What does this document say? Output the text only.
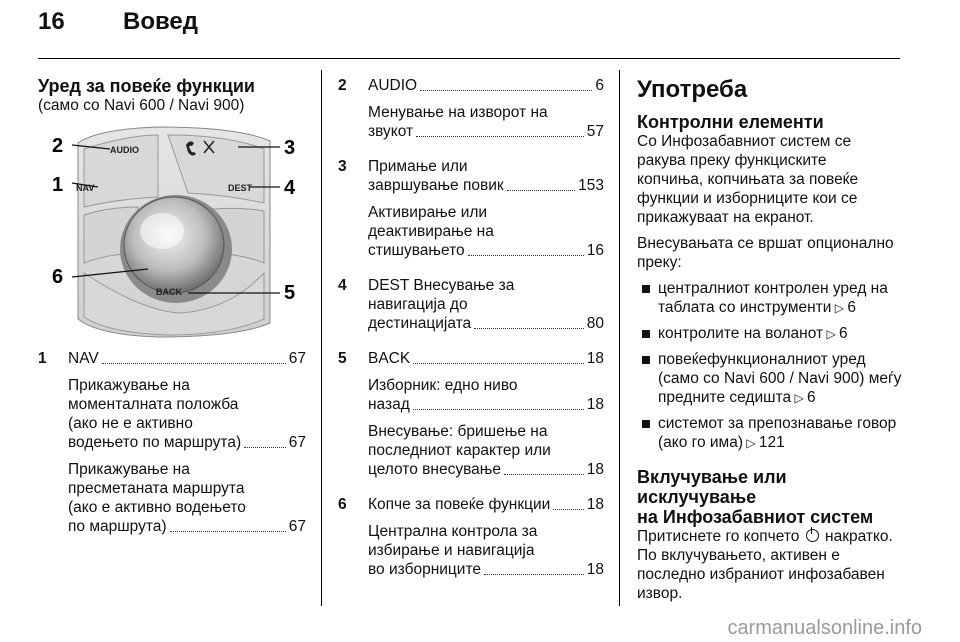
16 Вовед
Уред за повеќе функции
(само со Navi 600 / Navi 900)
AUDIO
NAV	DEST
BACK
2
1
3
4
5
6
1	NAV	67
Прикажување на
моменталната положба
(ако не е активно
водењето по маршрута)	67
Прикажување на
пресметаната маршрута
(ако е активно водењето
по маршрута)	67
2	AUDIO	6
Менување на изворот на
звукот	57
3	Примање или
завршување повик	153
Активирање или
деактивирање на
стишувањето	16
4	DEST Внесување за
навигација до
дестинацијата	80
5	BACK	18
Изборник: едно ниво
назад	18
Внесување: бришење на
последниот карактер или
целото внесување	18
6	Копче за повеќе функции 18
Централна контрола за
избирање и навигација
во изборниците	18
Употреба
Контролни елементи
Со Инфозабавниот систем се
ракува преку функциските
копчиња, копчињата за повеќе
функции и изборниците кои се
прикажуваат на екранот.
Внесувањата се вршат опционално
преку:
централниот контролен уред на
таблата со инструменти ▷ 6
контролите на воланот ▷ 6
повеќефункционалниот уред
(само со Navi 600 / Navi 900) меѓу
предните седишта ▷ 6
системот за препознавање говор
(ако го има) ▷ 121
Вклучување или исклучување
на Инфозабавниот систем
Притиснете го копчето накратко.
По вклучувањето, активен е
последно избраниот инфозабавен
извор.
carmanualsonline.info
